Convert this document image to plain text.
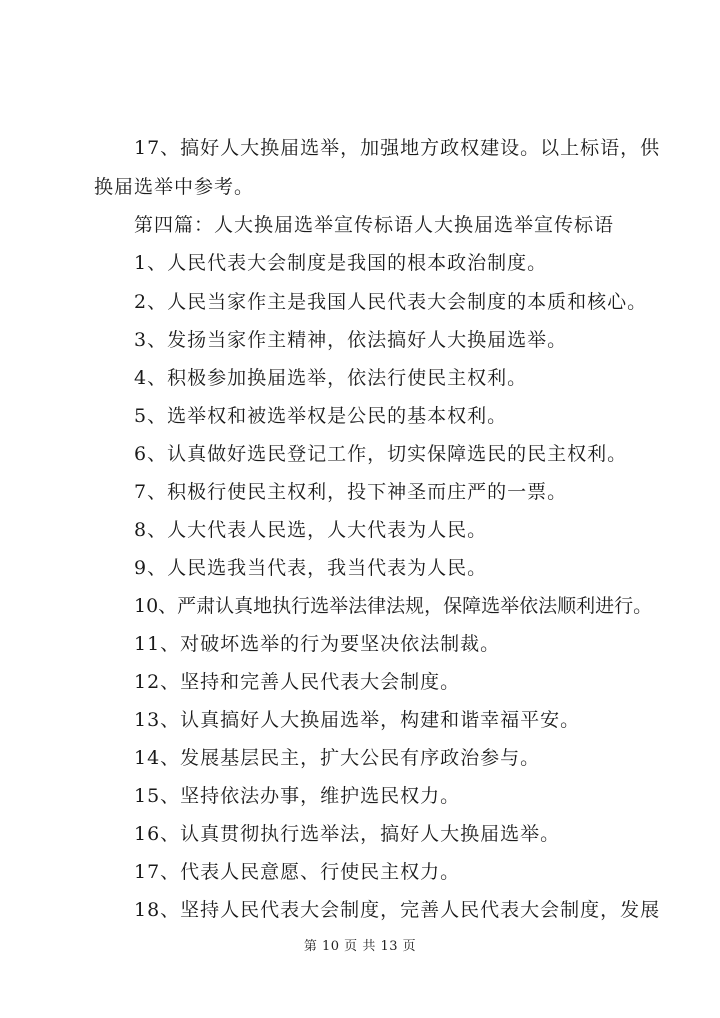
17、搞好人大换届选举，加强地方政权建设。以上标语，供
换届选举中参考。
第四篇：人大换届选举宣传标语人大换届选举宣传标语
1、人民代表大会制度是我国的根本政治制度。
2、人民当家作主是我国人民代表大会制度的本质和核心。
3、发扬当家作主精神，依法搞好人大换届选举。
4、积极参加换届选举，依法行使民主权利。
5、选举权和被选举权是公民的基本权利。
6、认真做好选民登记工作，切实保障选民的民主权利。
7、积极行使民主权利，投下神圣而庄严的一票。
8、人大代表人民选，人大代表为人民。
9、人民选我当代表，我当代表为人民。
10、严肃认真地执行选举法律法规，保障选举依法顺利进行。
11、对破坏选举的行为要坚决依法制裁。
12、坚持和完善人民代表大会制度。
13、认真搞好人大换届选举，构建和谐幸福平安。
14、发展基层民主，扩大公民有序政治参与。
15、坚持依法办事，维护选民权力。
16、认真贯彻执行选举法，搞好人大换届选举。
17、代表人民意愿、行使民主权力。
18、坚持人民代表大会制度，完善人民代表大会制度，发展
第 10 页 共 13 页
